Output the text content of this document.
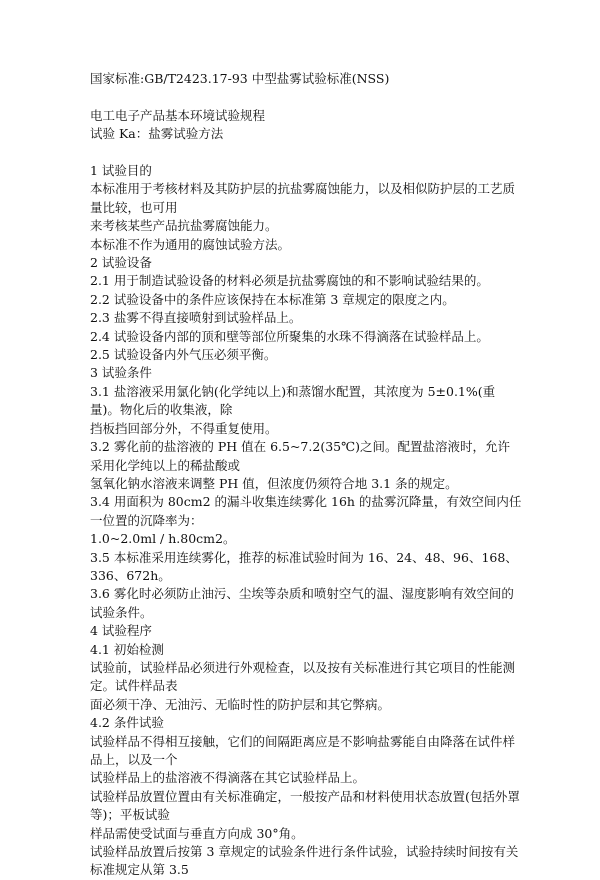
国家标准:GB/T2423.17-93 中型盐雾试验标准(NSS)

电工电子产品基本环境试验规程

试验 Ka：盐雾试验方法

1 试验目的

本标准用于考核材料及其防护层的抗盐雾腐蚀能力，以及相似防护层的工艺质量比较，也可用

来考核某些产品抗盐雾腐蚀能力。

本标准不作为通用的腐蚀试验方法。

2 试验设备

2.1 用于制造试验设备的材料必须是抗盐雾腐蚀的和不影响试验结果的。

2.2 试验设备中的条件应该保持在本标准第 3 章规定的限度之内。

2.3 盐雾不得直接喷射到试验样品上。

2.4 试验设备内部的顶和壁等部位所聚集的水珠不得滴落在试验样品上。

2.5 试验设备内外气压必须平衡。

3 试验条件

3.1 盐溶液采用氯化钠(化学纯以上)和蒸馏水配置，其浓度为 5±0.1%(重量)。物化后的收集液，除

挡板挡回部分外，不得重复使用。

3.2 雾化前的盐溶液的 PH 值在 6.5~7.2(35℃)之间。配置盐溶液时，允许采用化学纯以上的稀盐酸或

氢氧化钠水溶液来调整 PH 值，但浓度仍须符合地 3.1 条的规定。

3.4 用面积为 80cm2 的漏斗收集连续雾化 16h 的盐雾沉降量，有效空间内任一位置的沉降率为：

1.0~2.0ml / h.80cm2。

3.5 本标准采用连续雾化，推荐的标准试验时间为 16、24、48、96、168、336、672h。

3.6 雾化时必须防止油污、尘埃等杂质和喷射空气的温、湿度影响有效空间的试验条件。

4 试验程序

4.1 初始检测

试验前，试验样品必须进行外观检查，以及按有关标准进行其它项目的性能测定。试件样品表

面必须干净、无油污、无临时性的防护层和其它弊病。

4.2 条件试验

试验样品不得相互接触，它们的间隔距离应是不影响盐雾能自由降落在试件样品上，以及一个

试验样品上的盐溶液不得滴落在其它试验样品上。

试验样品放置位置由有关标准确定，一般按产品和材料使用状态放置(包括外罩等)；平板试验

样品需使受试面与垂直方向成 30°角。

试验样品放置后按第 3 章规定的试验条件进行条件试验，试验持续时间按有关标准规定从第 3.5
